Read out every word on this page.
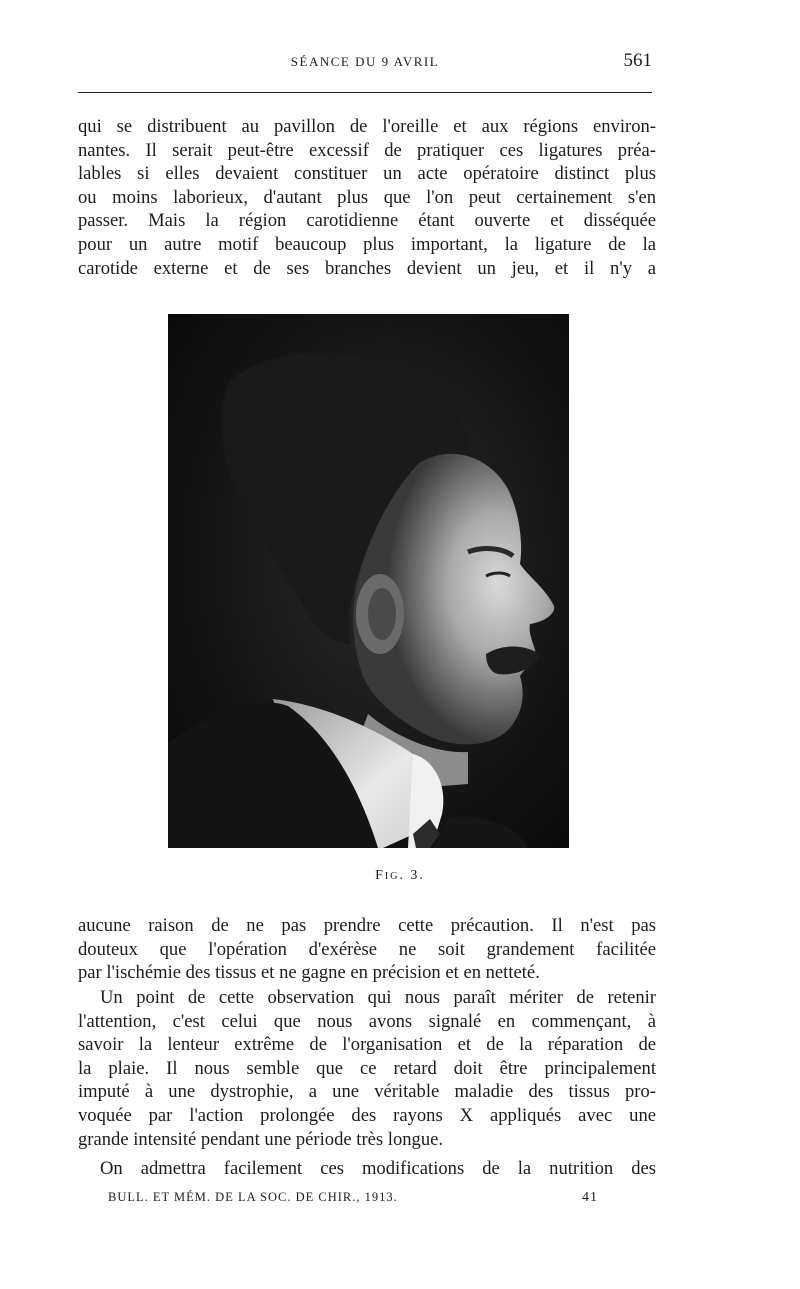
SÉANCE DU 9 AVRIL	561
qui se distribuent au pavillon de l'oreille et aux régions environ-
nantes. Il serait peut-être excessif de pratiquer ces ligatures préa-
lables si elles devaient constituer un acte opératoire distinct plus
ou moins laborieux, d'autant plus que l'on peut certainement s'en
passer. Mais la région carotidienne étant ouverte et disséquée
pour un autre motif beaucoup plus important, la ligature de la
carotide externe et de ses branches devient un jeu, et il n'y a
Fig. 3.
aucune raison de ne pas prendre cette précaution. Il n'est pas
douteux que l'opération d'exérèse ne soit grandement facilitée
par l'ischémie des tissus et ne gagne en précision et en netteté.
Un point de cette observation qui nous paraît mériter de retenir
l'attention, c'est celui que nous avons signalé en commençant, à
savoir la lenteur extrême de l'organisation et de la réparation de
la plaie. Il nous semble que ce retard doit être principalement
imputé à une dystrophie, a une véritable maladie des tissus pro-
voquée par l'action prolongée des rayons X appliqués avec une
grande intensité pendant une période très longue.
On admettra facilement ces modifications de la nutrition des
BULL. ET MÉM. DE LA SOC. DE CHIR., 1913.	41
